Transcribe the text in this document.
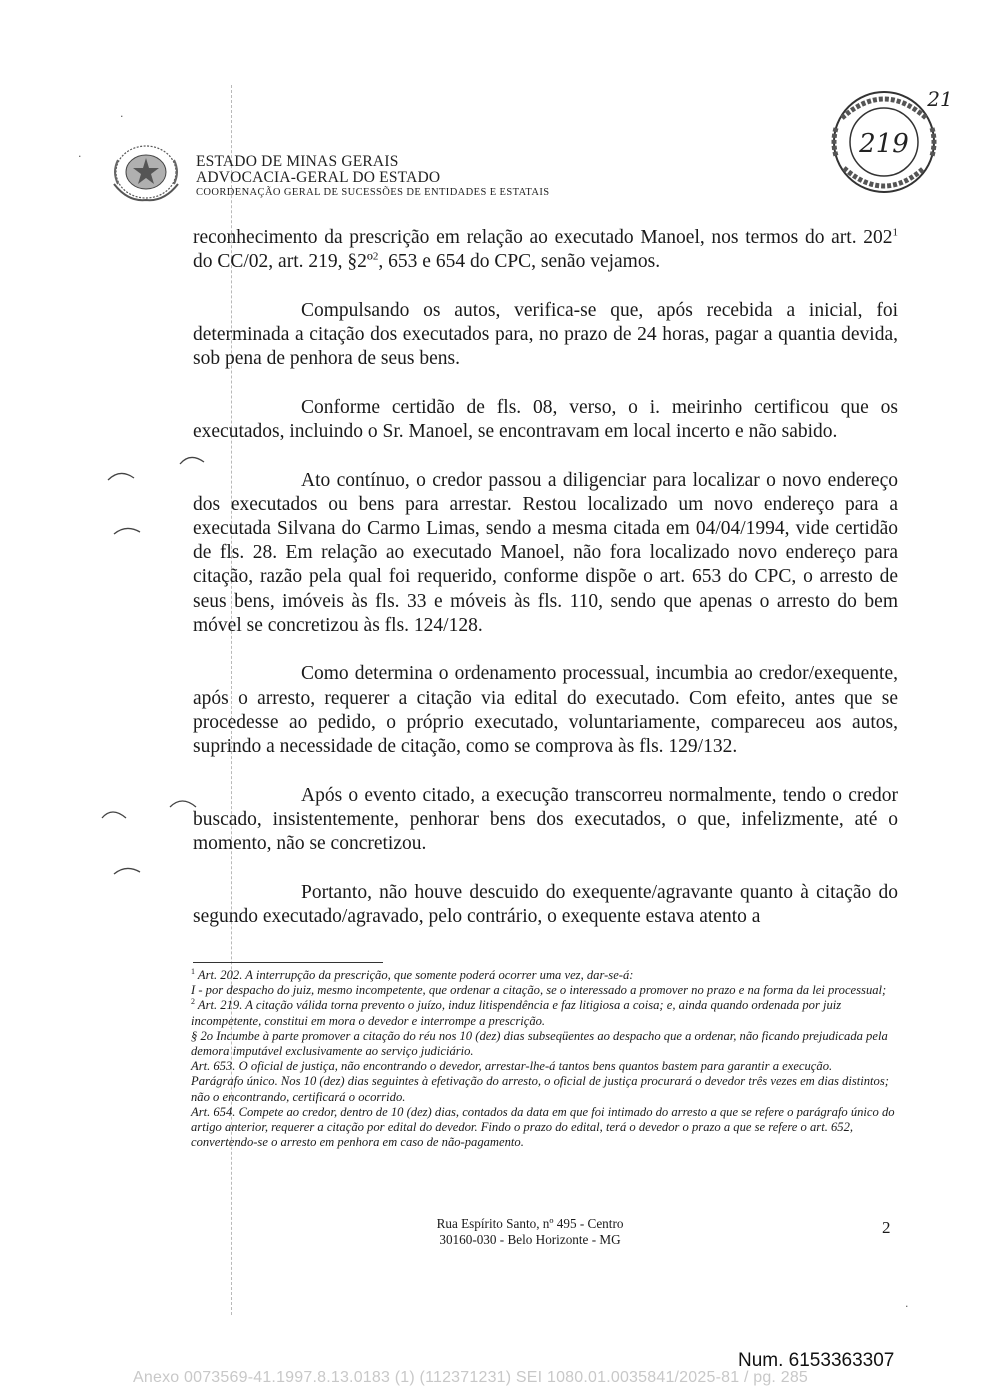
·
·
·
ESTADO DE MINAS GERAIS
ADVOCACIA-GERAL DO ESTADO
COORDENAÇÃO GERAL DE SUCESSÕES DE ENTIDADES E ESTATAIS
219
21

reconhecimento da prescrição em relação ao executado Manoel, nos termos do art. 202$^1$ do CC/02, art. 219, §2º$^2$, 653 e 654 do CPC, senão vejamos.

Compulsando os autos, verifica-se que, após recebida a inicial, foi determinada a citação dos executados para, no prazo de 24 horas, pagar a quantia devida, sob pena de penhora de seus bens.

Conforme certidão de fls. 08, verso, o i. meirinho certificou que os executados, incluindo o Sr. Manoel, se encontravam em local incerto e não sabido.

Ato contínuo, o credor passou a diligenciar para localizar o novo endereço dos executados ou bens para arrestar. Restou localizado um novo endereço para a executada Silvana do Carmo Limas, sendo a mesma citada em 04/04/1994, vide certidão de fls. 28. Em relação ao executado Manoel, não fora localizado novo endereço para citação, razão pela qual foi requerido, conforme dispõe o art. 653 do CPC, o arresto de seus bens, imóveis às fls. 33 e móveis às fls. 110, sendo que apenas o arresto do bem móvel se concretizou às fls. 124/128.

Como determina o ordenamento processual, incumbia ao credor/exequente, após o arresto, requerer a citação via edital do executado. Com efeito, antes que se procedesse ao pedido, o próprio executado, voluntariamente, compareceu aos autos, suprindo a necessidade de citação, como se comprova às fls. 129/132.

Após o evento citado, a execução transcorreu normalmente, tendo o credor buscado, insistentemente, penhorar bens dos executados, o que, infelizmente, até o momento, não se concretizou.

Portanto, não houve descuido do exequente/agravante quanto à citação do segundo executado/agravado, pelo contrário, o exequente estava atento a

$^1$ Art. 202. A interrupção da prescrição, que somente poderá ocorrer uma vez, dar-se-á:
I - por despacho do juiz, mesmo incompetente, que ordenar a citação, se o interessado a promover no prazo e na forma da lei processual;
$^2$ Art. 219. A citação válida torna prevento o juízo, induz litispendência e faz litigiosa a coisa; e, ainda quando ordenada por juiz incompetente, constitui em mora o devedor e interrompe a prescrição.
§ 2o Incumbe à parte promover a citação do réu nos 10 (dez) dias subseqüentes ao despacho que a ordenar, não ficando prejudicada pela demora imputável exclusivamente ao serviço judiciário.
Art. 653. O oficial de justiça, não encontrando o devedor, arrestar-lhe-á tantos bens quantos bastem para garantir a execução.
Parágrafo único. Nos 10 (dez) dias seguintes à efetivação do arresto, o oficial de justiça procurará o devedor três vezes em dias distintos; não o encontrando, certificará o ocorrido.
Art. 654. Compete ao credor, dentro de 10 (dez) dias, contados da data em que foi intimado do arresto a que se refere o parágrafo único do artigo anterior, requerer a citação por edital do devedor. Findo o prazo do edital, terá o devedor o prazo a que se refere o art. 652, convertendo-se o arresto em penhora em caso de não-pagamento.
Rua Espírito Santo, nº 495 - Centro
30160-030 - Belo Horizonte - MG
2
Num. 6153363307
Anexo 0073569-41.1997.8.13.0183 (1) (112371231) SEI 1080.01.0035841/2025-81 / pg. 285
